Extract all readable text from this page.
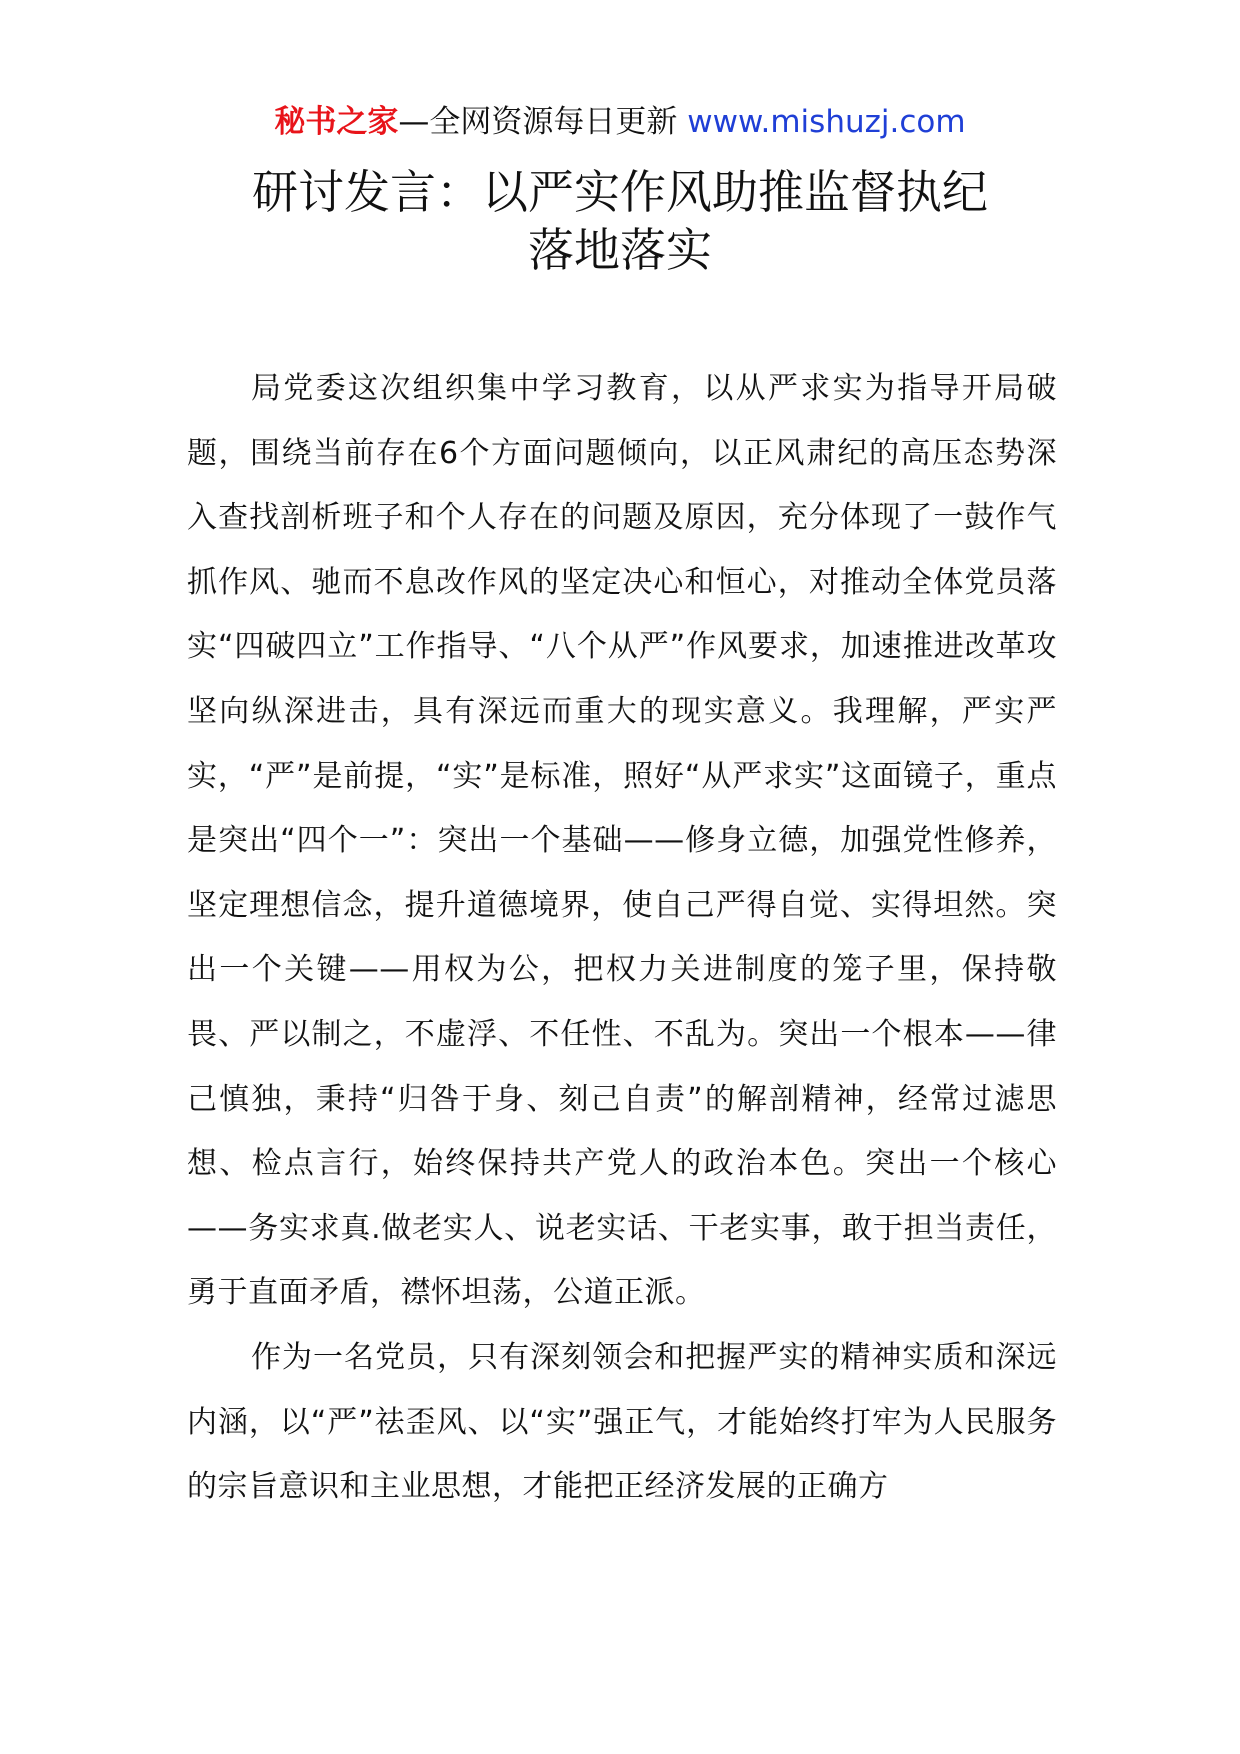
秘书之家—全网资源每日更新 www.mishuzj.com
研讨发言：以严实作风助推监督执纪
落地落实

局党委这次组织集中学习教育，以从严求实为指导开局破题，围绕当前存在6个方面问题倾向，以正风肃纪的高压态势深入查找剖析班子和个人存在的问题及原因，充分体现了一鼓作气抓作风、驰而不息改作风的坚定决心和恒心，对推动全体党员落实“四破四立”工作指导、“八个从严”作风要求，加速推进改革攻坚向纵深进击，具有深远而重大的现实意义。我理解，严实严实，“严”是前提，“实”是标准，照好“从严求实”这面镜子，重点是突出“四个一”：突出一个基础——修身立德，加强党性修养，坚定理想信念，提升道德境界，使自己严得自觉、实得坦然。突出一个关键——用权为公，把权力关进制度的笼子里，保持敬畏、严以制之，不虚浮、不任性、不乱为。突出一个根本——律己慎独，秉持“归咎于身、刻己自责”的解剖精神，经常过滤思想、检点言行，始终保持共产党人的政治本色。突出一个核心——务实求真.做老实人、说老实话、干老实事，敢于担当责任，勇于直面矛盾，襟怀坦荡，公道正派。

作为一名党员，只有深刻领会和把握严实的精神实质和深远内涵，以“严”祛歪风、以“实”强正气，才能始终打牢为人民服务的宗旨意识和主业思想，才能把正经济发展的正确方
